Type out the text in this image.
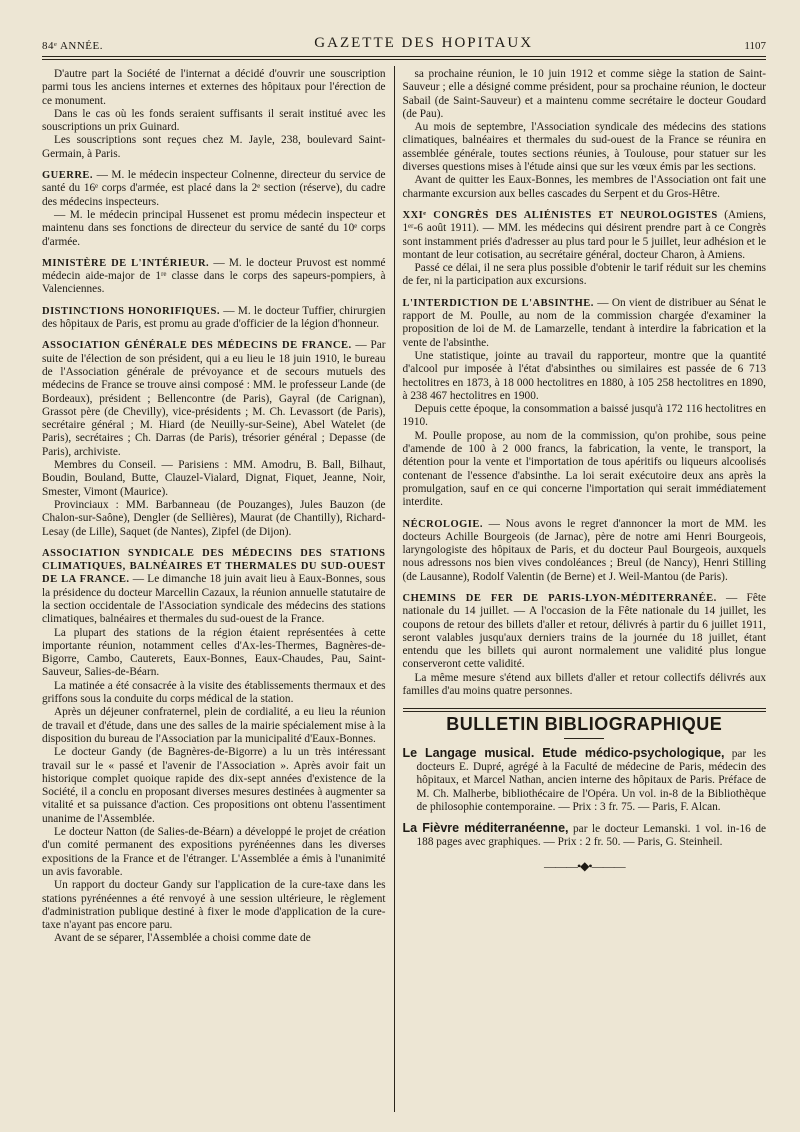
84ᵉ ANNÉE.	GAZETTE DES HOPITAUX	1107

D'autre part la Société de l'internat a décidé d'ouvrir une souscription parmi tous les anciens internes et externes des hôpitaux pour l'érection de ce monument.

Dans le cas où les fonds seraient suffisants il serait institué avec les souscriptions un prix Guinard.

Les souscriptions sont reçues chez M. Jayle, 238, boulevard Saint-Germain, à Paris.

GUERRE. — M. le médecin inspecteur Colnenne, directeur du service de santé du 16ᵉ corps d'armée, est placé dans la 2ᵉ section (réserve), du cadre des médecins inspecteurs.

— M. le médecin principal Hussenet est promu médecin inspecteur et maintenu dans ses fonctions de directeur du service de santé du 10ᵉ corps d'armée.

MINISTÈRE DE L'INTÉRIEUR. — M. le docteur Pruvost est nommé médecin aide-major de 1ʳᵉ classe dans le corps des sapeurs-pompiers, à Valenciennes.

DISTINCTIONS HONORIFIQUES. — M. le docteur Tuffier, chirurgien des hôpitaux de Paris, est promu au grade d'officier de la légion d'honneur.

ASSOCIATION GÉNÉRALE DES MÉDECINS DE FRANCE. — Par suite de l'élection de son président, qui a eu lieu le 18 juin 1910, le bureau de l'Association générale de prévoyance et de secours mutuels des médecins de France se trouve ainsi composé : MM. le professeur Lande (de Bordeaux), président ; Bellencontre (de Paris), Gayral (de Carignan), Grassot père (de Chevilly), vice-présidents ; M. Ch. Levassort (de Paris), secrétaire général ; M. Hiard (de Neuilly-sur-Seine), Abel Watelet (de Paris), secrétaires ; Ch. Darras (de Paris), trésorier général ; Depasse (de Paris), archiviste.

Membres du Conseil. — Parisiens : MM. Amodru, B. Ball, Bilhaut, Boudin, Bouland, Butte, Clauzel-Vialard, Dignat, Fiquet, Jeanne, Noir, Smester, Vimont (Maurice).

Provinciaux : MM. Barbanneau (de Pouzanges), Jules Bauzon (de Chalon-sur-Saône), Dengler (de Sellières), Maurat (de Chantilly), Richard-Lesay (de Lille), Saquet (de Nantes), Zipfel (de Dijon).

ASSOCIATION SYNDICALE DES MÉDECINS DES STATIONS CLIMATIQUES, BALNÉAIRES ET THERMALES DU SUD-OUEST DE LA FRANCE. — Le dimanche 18 juin avait lieu à Eaux-Bonnes, sous la présidence du docteur Marcellin Cazaux, la réunion annuelle statutaire de la section occidentale de l'Association syndicale des médecins des stations climatiques, balnéaires et thermales du sud-ouest de la France.

La plupart des stations de la région étaient représentées à cette importante réunion, notamment celles d'Ax-les-Thermes, Bagnères-de-Bigorre, Cambo, Cauterets, Eaux-Bonnes, Eaux-Chaudes, Pau, Saint-Sauveur, Salies-de-Béarn.

La matinée a été consacrée à la visite des établissements thermaux et des griffons sous la conduite du corps médical de la station.

Après un déjeuner confraternel, plein de cordialité, a eu lieu la réunion de travail et d'étude, dans une des salles de la mairie spécialement mise à la disposition du bureau de l'Association par la municipalité d'Eaux-Bonnes.

Le docteur Gandy (de Bagnères-de-Bigorre) a lu un très intéressant travail sur le « passé et l'avenir de l'Association ». Après avoir fait un historique complet quoique rapide des dix-sept années d'existence de la Société, il a conclu en proposant diverses mesures destinées à augmenter sa vitalité et sa puissance d'action. Ces propositions ont obtenu l'assentiment unanime de l'Assemblée.

Le docteur Natton (de Salies-de-Béarn) a développé le projet de création d'un comité permanent des expositions pyrénéennes dans les diverses expositions de la France et de l'étranger. L'Assemblée a émis à l'unanimité un avis favorable.

Un rapport du docteur Gandy sur l'application de la cure-taxe dans les stations pyrénéennes a été renvoyé à une session ultérieure, le règlement d'administration publique destiné à fixer le mode d'application de la cure-taxe n'ayant pas encore paru.

Avant de se séparer, l'Assemblée a choisi comme date de

sa prochaine réunion, le 10 juin 1912 et comme siège la station de Saint-Sauveur ; elle a désigné comme président, pour sa prochaine réunion, le docteur Sabail (de Saint-Sauveur) et a maintenu comme secrétaire le docteur Goudard (de Pau).

Au mois de septembre, l'Association syndicale des médecins des stations climatiques, balnéaires et thermales du sud-ouest de la France se réunira en assemblée générale, toutes sections réunies, à Toulouse, pour statuer sur les diverses questions mises à l'étude ainsi que sur les vœux émis par les sections.

Avant de quitter les Eaux-Bonnes, les membres de l'Association ont fait une charmante excursion aux belles cascades du Serpent et du Gros-Hêtre.

XXIᵉ CONGRÈS DES ALIÉNISTES ET NEUROLOGISTES (Amiens, 1ᵉʳ-6 août 1911). — MM. les médecins qui désirent prendre part à ce Congrès sont instamment priés d'adresser au plus tard pour le 5 juillet, leur adhésion et le montant de leur cotisation, au secrétaire général, docteur Charon, à Amiens.

Passé ce délai, il ne sera plus possible d'obtenir le tarif réduit sur les chemins de fer, ni la participation aux excursions.

L'INTERDICTION DE L'ABSINTHE. — On vient de distribuer au Sénat le rapport de M. Poulle, au nom de la commission chargée d'examiner la proposition de loi de M. de Lamarzelle, tendant à interdire la fabrication et la vente de l'absinthe.

Une statistique, jointe au travail du rapporteur, montre que la quantité d'alcool pur imposée à l'état d'absinthes ou similaires est passée de 6 713 hectolitres en 1873, à 18 000 hectolitres en 1880, à 105 258 hectolitres en 1890, à 238 467 hectolitres en 1900.

Depuis cette époque, la consommation a baissé jusqu'à 172 116 hectolitres en 1910.

M. Poulle propose, au nom de la commission, qu'on prohibe, sous peine d'amende de 100 à 2 000 francs, la fabrication, la vente, le transport, la détention pour la vente et l'importation de tous apéritifs ou liqueurs alcoolisés contenant de l'essence d'absinthe. La loi serait exécutoire deux ans après la promulgation, sauf en ce qui concerne l'importation qui serait immédiatement interdite.

NÉCROLOGIE. — Nous avons le regret d'annoncer la mort de MM. les docteurs Achille Bourgeois (de Jarnac), père de notre ami Henri Bourgeois, laryngologiste des hôpitaux de Paris, et du docteur Paul Bourgeois, auxquels nous adressons nos bien vives condoléances ; Breul (de Nancy), Henri Stilling (de Lausanne), Rodolf Valentin (de Berne) et J. Weil-Mantou (de Paris).

CHEMINS DE FER DE PARIS-LYON-MÉDITERRANÉE. — Fête nationale du 14 juillet. — A l'occasion de la Fête nationale du 14 juillet, les coupons de retour des billets d'aller et retour, délivrés à partir du 6 juillet 1911, seront valables jusqu'aux derniers trains de la journée du 18 juillet, étant entendu que les billets qui auront normalement une validité plus longue conserveront cette validité.

La même mesure s'étend aux billets d'aller et retour collectifs délivrés aux familles d'au moins quatre personnes.

BULLETIN BIBLIOGRAPHIQUE

Le Langage musical. Etude médico-psychologique, par les docteurs E. Dupré, agrégé à la Faculté de médecine de Paris, médecin des hôpitaux, et Marcel Nathan, ancien interne des hôpitaux de Paris. Préface de M. Ch. Malherbe, bibliothécaire de l'Opéra. Un vol. in-8 de la Bibliothèque de philosophie contemporaine. — Prix : 3 fr. 75. — Paris, F. Alcan.

La Fièvre méditerranéenne, par le docteur Lemanski. 1 vol. in-16 de 188 pages avec graphiques. — Prix : 2 fr. 50. — Paris, G. Steinheil.

———•◆•———
